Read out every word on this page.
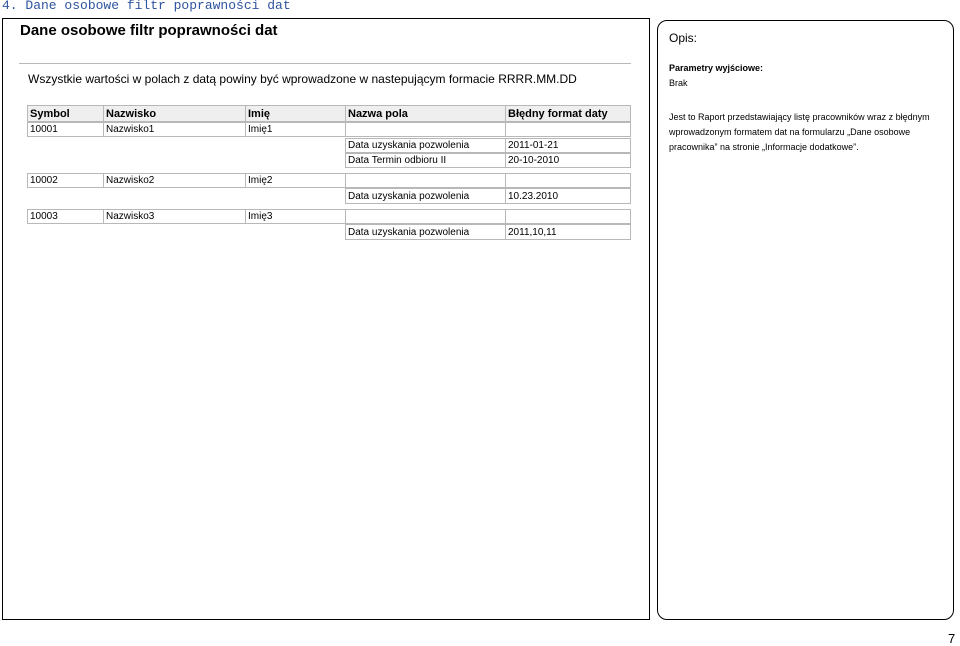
4. Dane osobowe filtr poprawności dat
Dane osobowe filtr poprawności dat
Wszystkie wartości w polach z datą powiny być wprowadzone w nastepującym formacie RRRR.MM.DD
Symbol	Nazwisko	Imię	Nazwa pola	Błędny format daty
10001	Nazwisko1	Imię1
Data uzyskania pozwolenia	2011-01-21
Data Termin odbioru II	20-10-2010
10002	Nazwisko2	Imię2
Data uzyskania pozwolenia	10.23.2010
10003	Nazwisko3	Imię3
Data uzyskania pozwolenia	2011,10,11
Opis:
Parametry wyjściowe:
Brak
Jest to Raport przedstawiający listę pracowników wraz z błędnym wprowadzonym formatem dat na formularzu „Dane osobowe pracownika” na stronie „Informacje dodatkowe”.
7
